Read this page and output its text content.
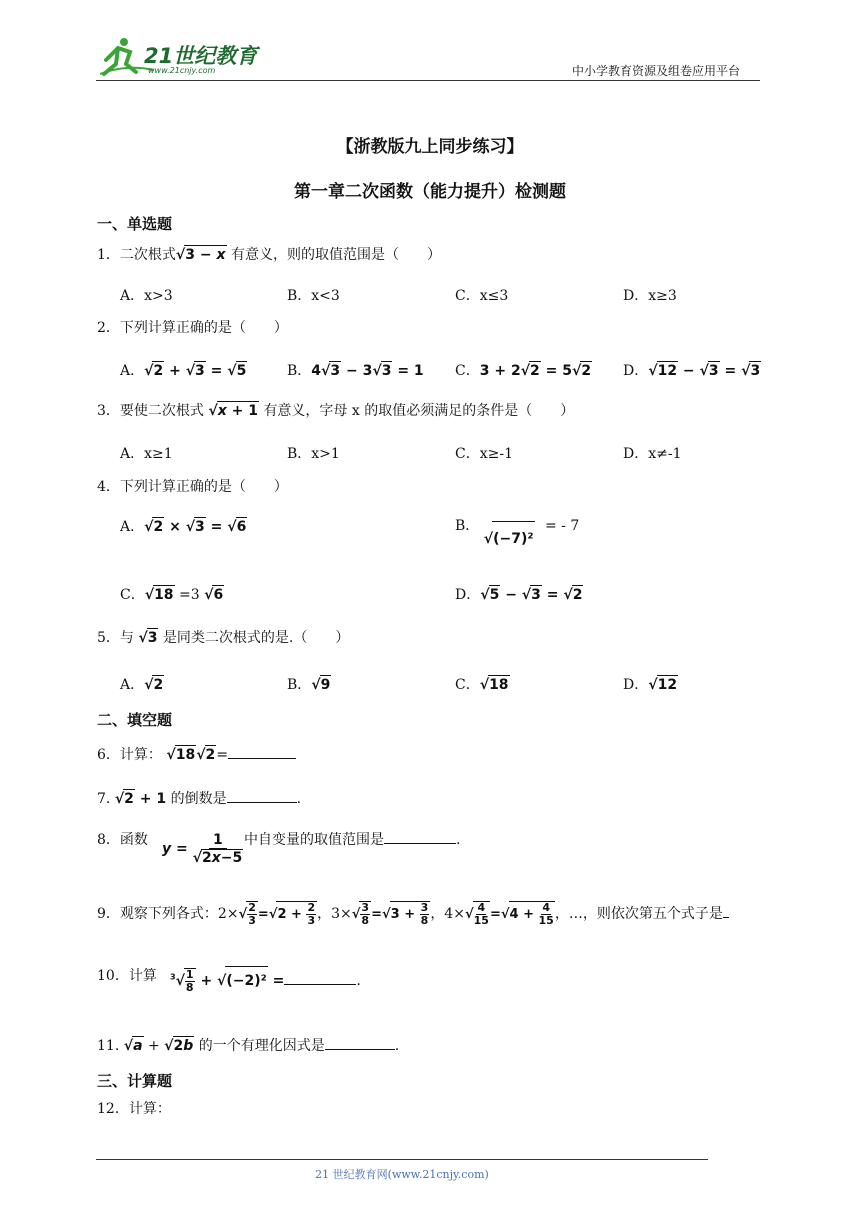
21世纪教育
www.21cnjy.com	中小学教育资源及组卷应用平台
【浙教版九上同步练习】
第一章二次函数（能力提升）检测题
一、单选题
1．二次根式√3 − x 有意义，则的取值范围是（　　）
A．x>3	B．x<3	C．x≤3	D．x≥3
2．下列计算正确的是（　　）
A．√2 + √3 = √5	B．4√3 − 3√3 = 1 C．3 + 2√2 = 5√2 D．√12 − √3 = √3
3．要使二次根式 √x + 1 有意义，字母 x 的取值必须满足的条件是（　　）
A．x≥1	B．x>1	C．x≥-1	D．x≠-1
4．下列计算正确的是（　　）
A．√2 × √3 = √6	B． √(−7)² = - 7
C．√18 =3 √6	D．√5 − √3 = √2
5．与 √3 是同类二次根式的是.（　　）
A．√2	B．√9	C．√18	D．√12
二、填空题
6．计算： √18√2=
7. √2 + 1 的倒数是	.
8．函数
$y = \frac{1}{√2x-5}$ 中自变量的取值范围是	.
9．观察下列各式：$2\times√ \frac{2}{3} =√2 + \frac{2}{3}$ ，$3\times√ \frac{3}{8} =√3 + \frac{3}{8}$ ，$4\times√ \frac{4}{15} =√4 + \frac{4}{15}$ ，…，则依次第五个式子是
10．计算 $^3√ \frac{1}{8} + √(-2)^2$ =	.
11. √a + √2b 的一个有理化因式是	.
三、计算题
12．计算：
21 世纪教育网(www.21cnjy.com)
